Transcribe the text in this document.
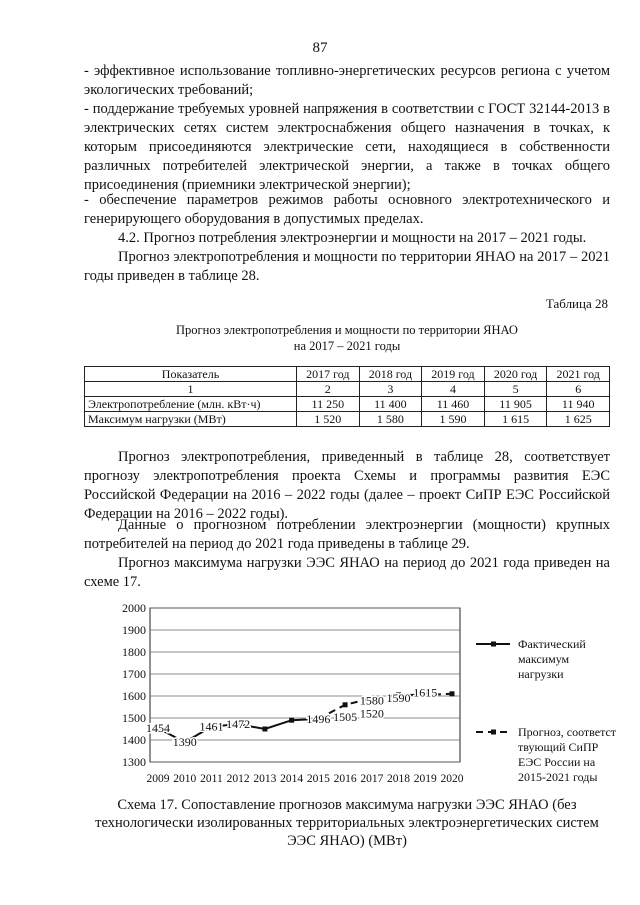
87
- эффективное использование топливно-энергетических ресурсов региона с учетом экологических требований;
- поддержание требуемых уровней напряжения в соответствии с ГОСТ 32144-2013 в электрических сетях систем электроснабжения общего назначения в точках, к которым присоединяются электрические сети, находящиеся в собственности различных потребителей электрической энергии, а также в точках общего присоединения (приемники электрической энергии);
- обеспечение параметров режимов работы основного электротехнического и генерирующего оборудования в допустимых пределах.
4.2. Прогноз потребления электроэнергии и мощности на 2017 – 2021 годы.
Прогноз электропотребления и мощности по территории ЯНАО на 2017 – 2021 годы приведен в таблице 28.
Таблица 28
Прогноз электропотребления и мощности по территории ЯНАО
на 2017 – 2021 годы
Показатель	2017 год	2018 год	2019 год	2020 год	2021 год
1	2	3	4	5	6
Электропотребление (млн. кВт·ч)	11 250	11 400	11 460	11 905	11 940
Максимум нагрузки (МВт)	1 520	1 580	1 590	1 615	1 625
Прогноз электропотребления, приведенный в таблице 28, соответствует прогнозу электропотребления проекта Схемы и программы развития ЕЭС Российской Федерации на 2016 – 2022 годы (далее – проект СиПР ЕЭС Российской Федерации на 2016 – 2022 годы).
Данные о прогнозном потреблении электроэнергии (мощности) крупных потребителей на период до 2021 года приведены в таблице 29.
Прогноз максимума нагрузки ЭЭС ЯНАО на период до 2021 года приведен на схеме 17.
1300
1400
1500
1600
1700
1800
1900
2000
2009 2010 2011 2012 2013 2014 2015 2016 2017 2018 2019 2020
1454
1390
1461 1472	1496 1505 1520
1580 1590 1615
Фактический
максимум
нагрузки
Прогноз, соответст
твующий СиПР
ЕЭС России на
2015-2021 годы
Схема 17. Сопоставление прогнозов максимума нагрузки ЭЭС ЯНАО (без технологически изолированных территориальных электроэнергетических систем ЭЭС ЯНАО) (МВт)
